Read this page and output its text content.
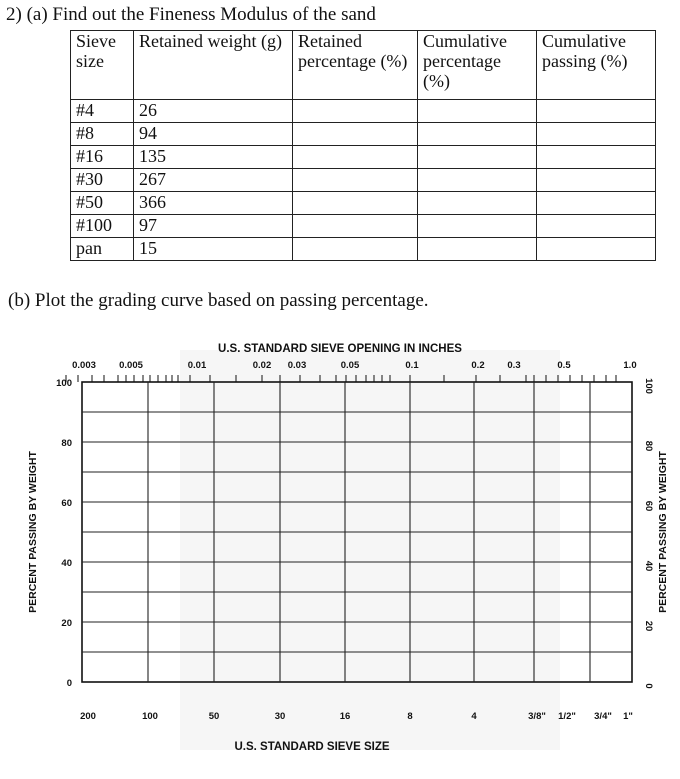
2) (a) Find out the Fineness Modulus of the sand
Sieve size	Retained weight (g)	Retained percentage (%)	Cumulative percentage (%)	Cumulative passing (%)
#4	26			
#8	94			
#16	135			
#30	267			
#50	366			
#100	97			
pan	15			
(b) Plot the grading curve based on passing percentage.
U.S. STANDARD SIEVE OPENING IN INCHES
0.003 0.005	0.01	0.02 0.03	0.05	0.1	0.2 0.3	0.5	1.0
200	100	50	30	16	8	4	3/8" 1/2" 3/4" 1"
U.S. STANDARD SIEVE SIZE
0
20
40
60
80
100
0
20
40
60
80
100
PERCENT PASSING BY WEIGHT	PERCENT PASSING BY WEIGHT
